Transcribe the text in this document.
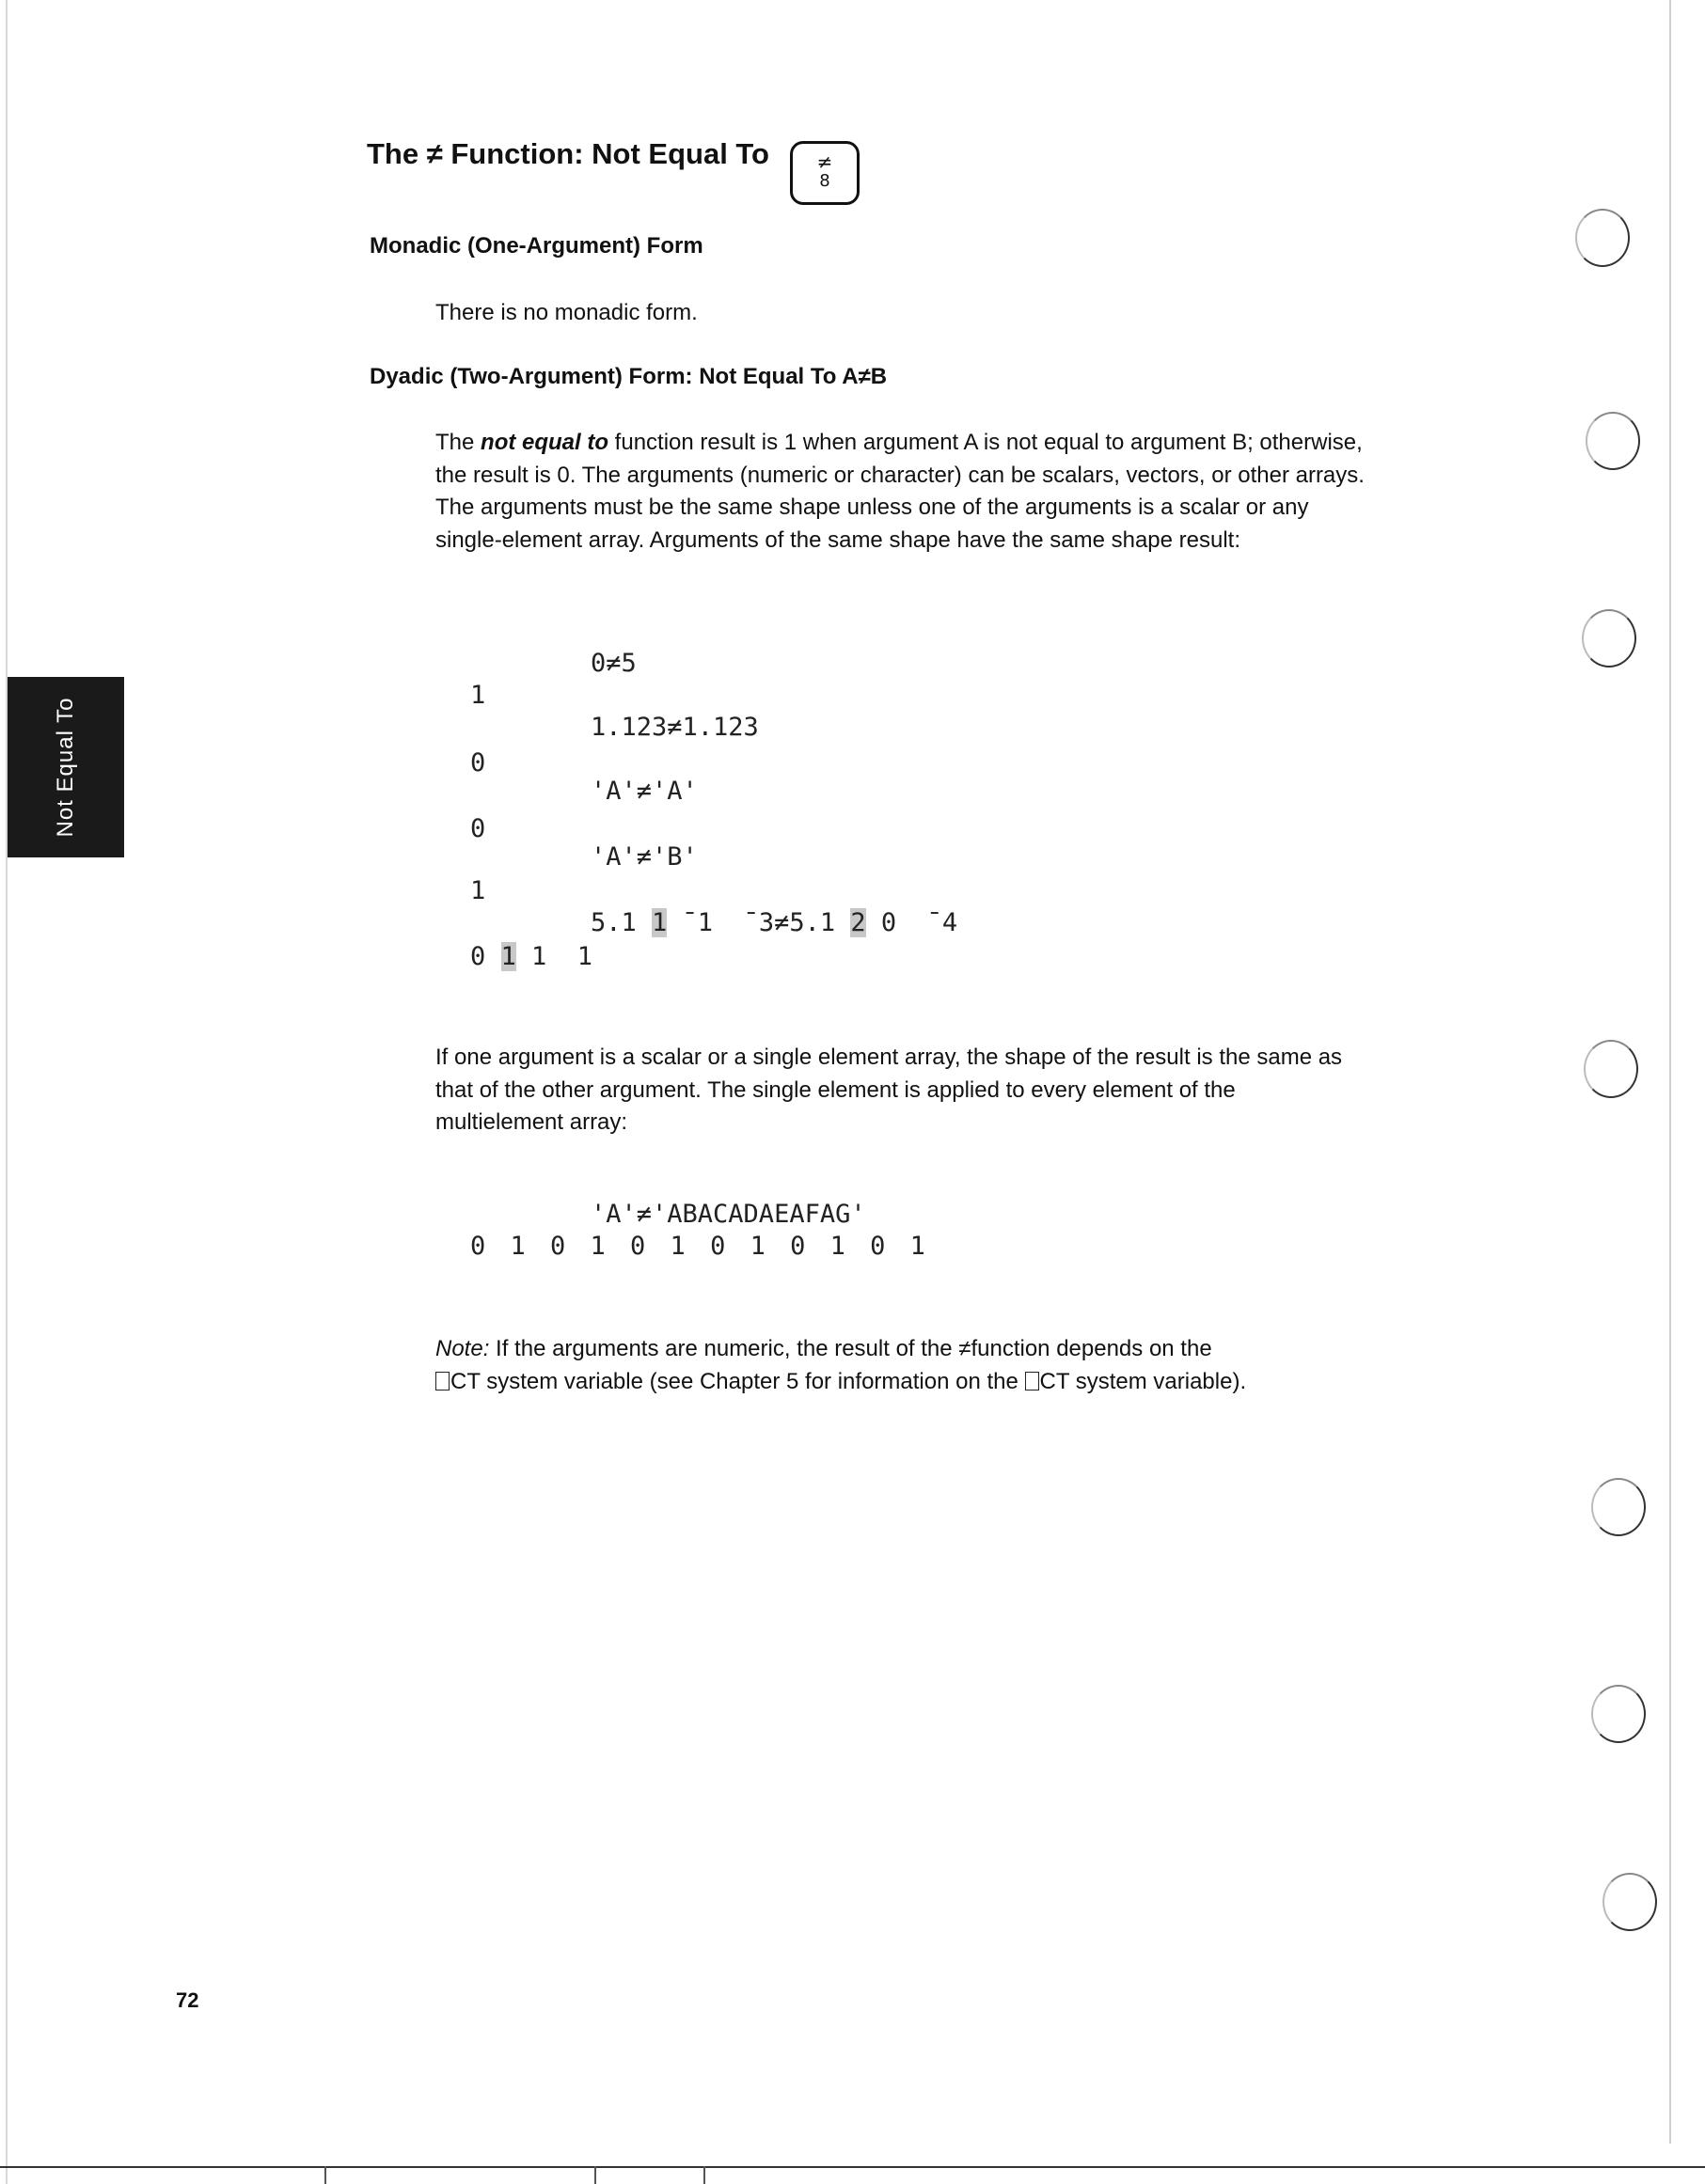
The ≠ Function: Not Equal To	≠
8
Monadic (One-Argument) Form
There is no monadic form.
Dyadic (Two-Argument) Form: Not Equal To A≠B
The not equal to function result is 1 when argument A is not equal to argument B; otherwise, the result is 0. The arguments (numeric or character) can be scalars, vectors, or other arrays. The arguments must be the same shape unless one of the arguments is a scalar or any single-element array. Arguments of the same shape have the same shape result:
0≠5
1
1.123≠1.123
0
'A'≠'A'
0
'A'≠'B'
1
5.1 1 ¯1  ¯3≠5.1 2 0  ¯4
0 1 1  1
If one argument is a scalar or a single element array, the shape of the result is the same as that of the other argument. The single element is applied to every element of the multielement array:
'A'≠'ABACADAEAFAG'
0 1 0 1 0 1 0 1 0 1 0 1
Note: If the arguments are numeric, the result of the ≠function depends on the
CT system variable (see Chapter 5 for information on the CT system variable).
Not Equal To
72
